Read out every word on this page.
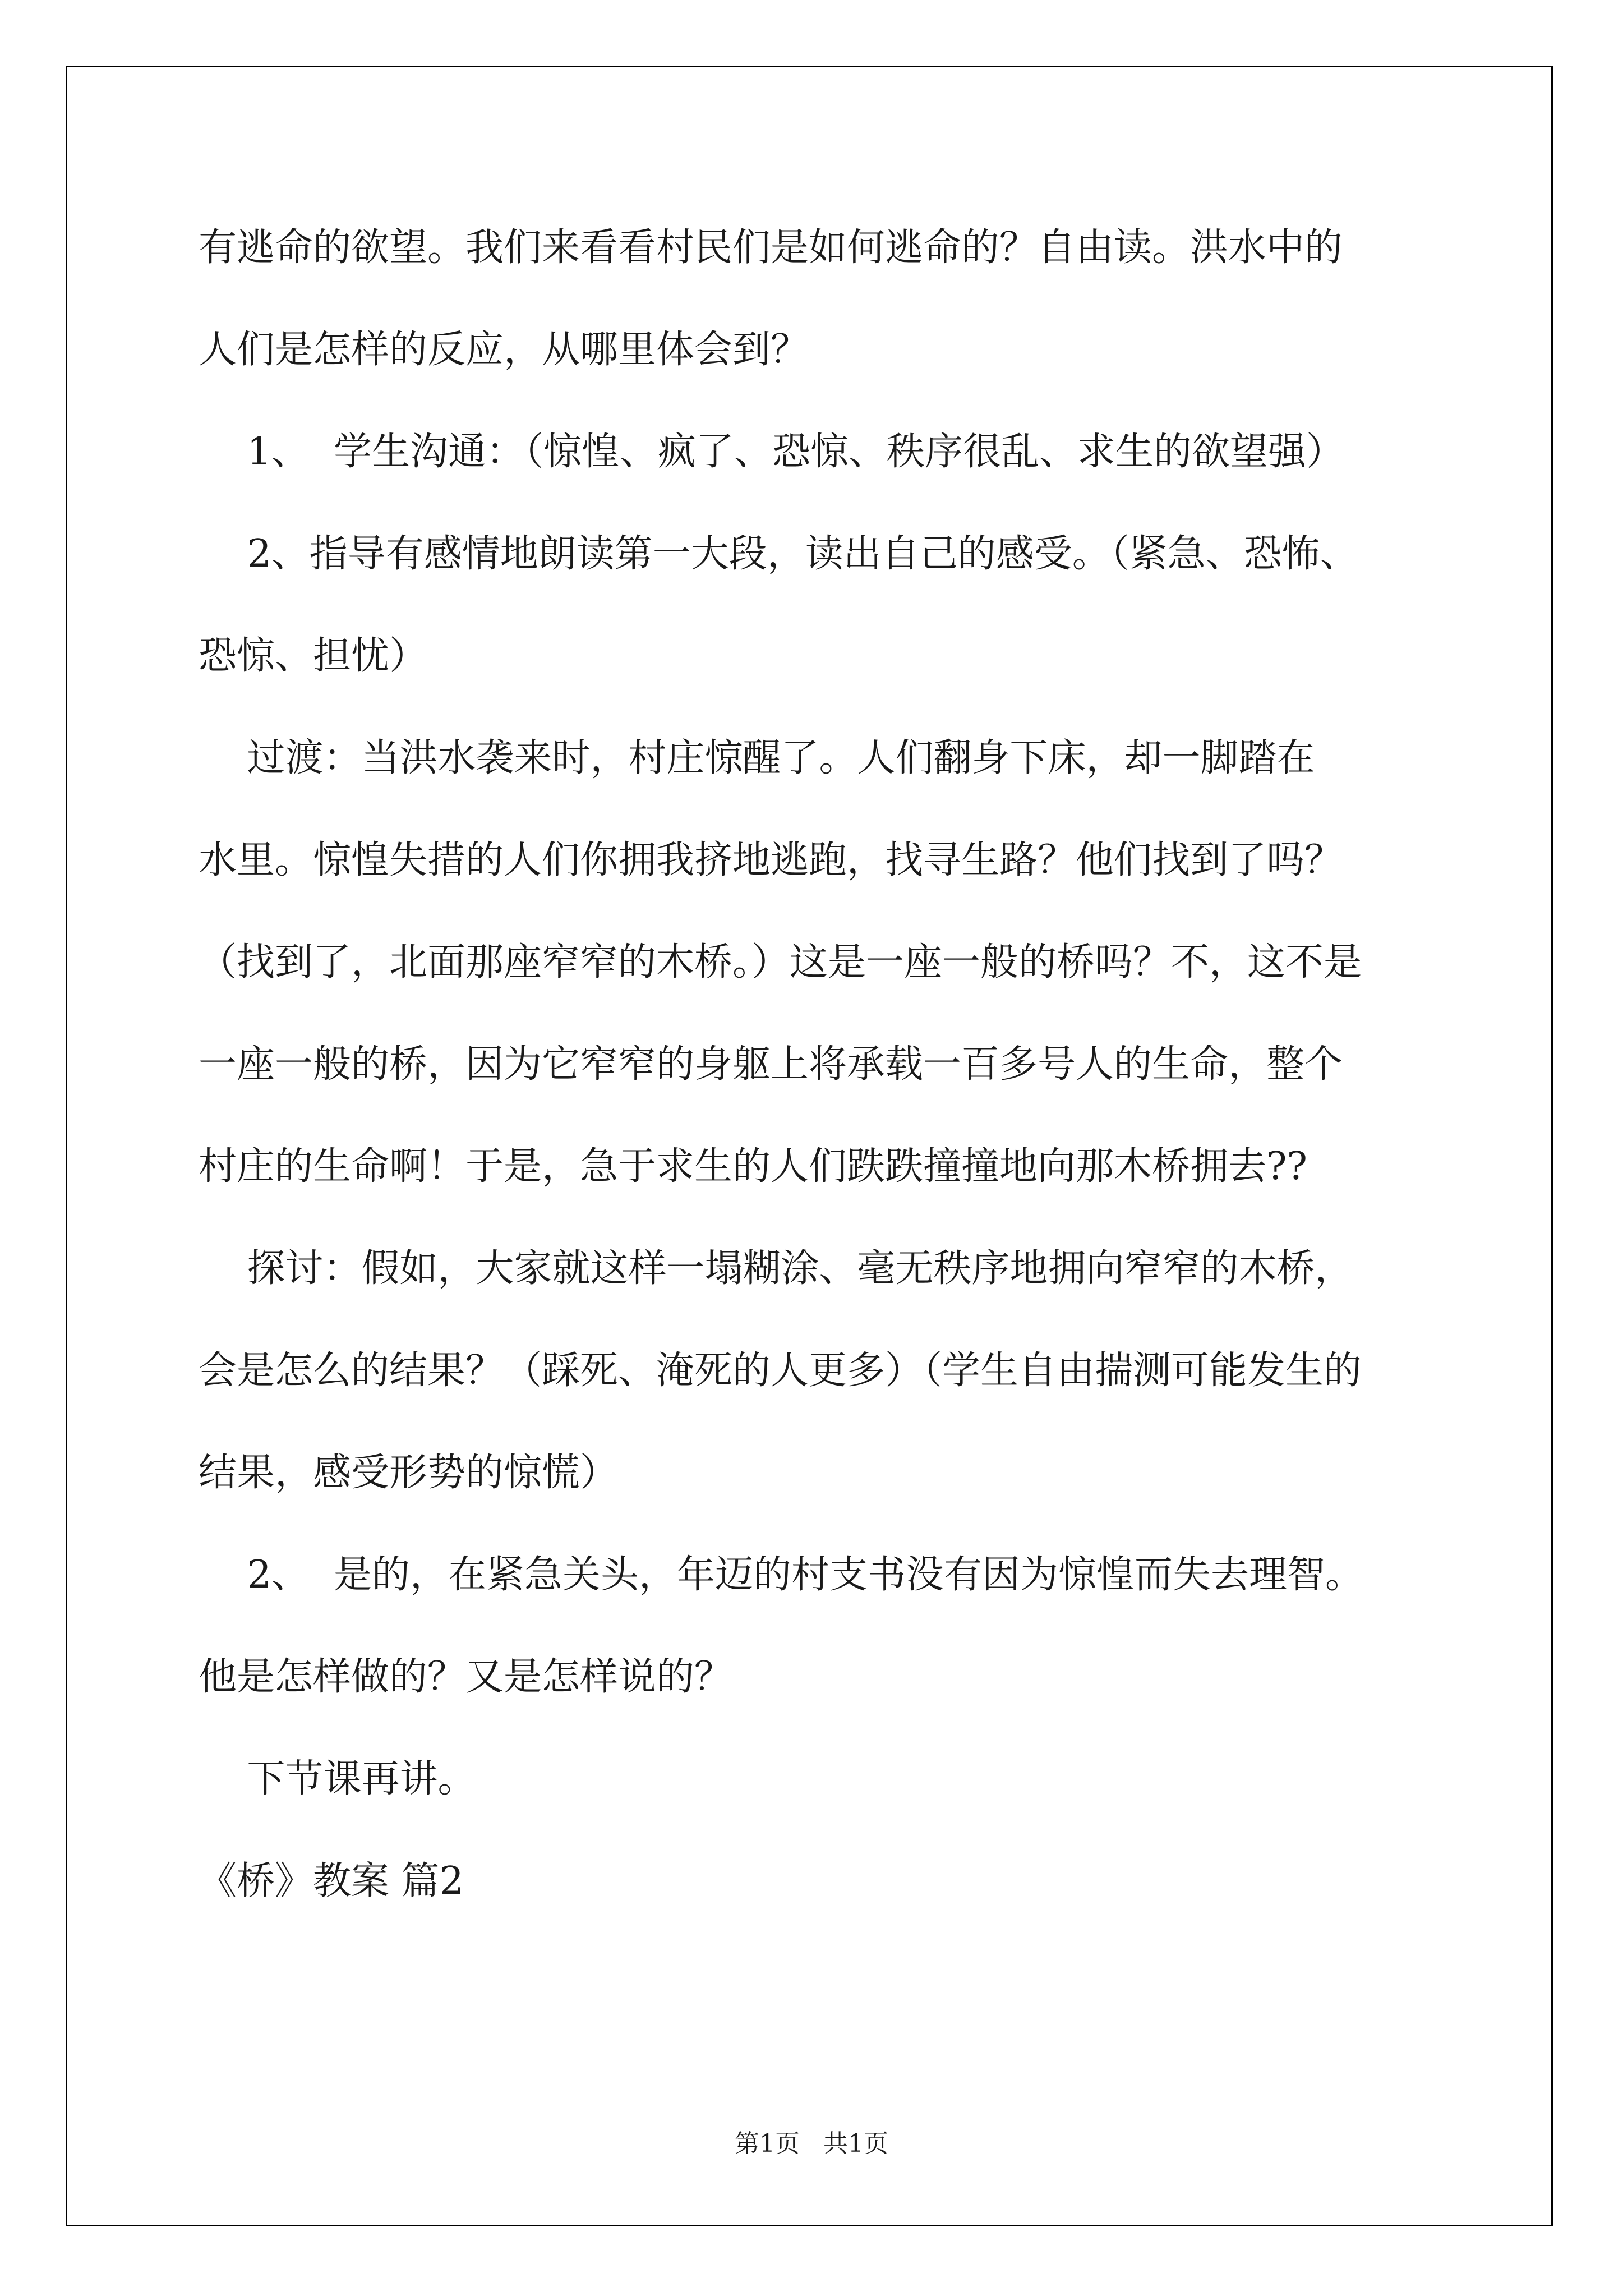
有逃命的欲望。我们来看看村民们是如何逃命的？自由读。洪水中的
人们是怎样的反应，从哪里体会到？
1、  学生沟通：（惊惶、疯了、恐惊、秩序很乱、求生的欲望强）
2、指导有感情地朗读第一大段，读出自己的感受。（紧急、恐怖、
恐惊、担忧）
过渡：当洪水袭来时，村庄惊醒了。人们翻身下床，却一脚踏在
水里。惊惶失措的人们你拥我挤地逃跑，找寻生路？他们找到了吗？
（找到了，北面那座窄窄的木桥。）这是一座一般的桥吗？不，这不是
一座一般的桥，因为它窄窄的身躯上将承载一百多号人的生命，整个
村庄的生命啊！于是，急于求生的人们跌跌撞撞地向那木桥拥去??
探讨：假如，大家就这样一塌糊涂、毫无秩序地拥向窄窄的木桥，
会是怎么的结果？（踩死、淹死的人更多）（学生自由揣测可能发生的
结果，感受形势的惊慌）
2、  是的，在紧急关头，年迈的村支书没有因为惊惶而失去理智。
他是怎样做的？又是怎样说的？
下节课再讲。
《桥》教案 篇2
第1页   共1页
